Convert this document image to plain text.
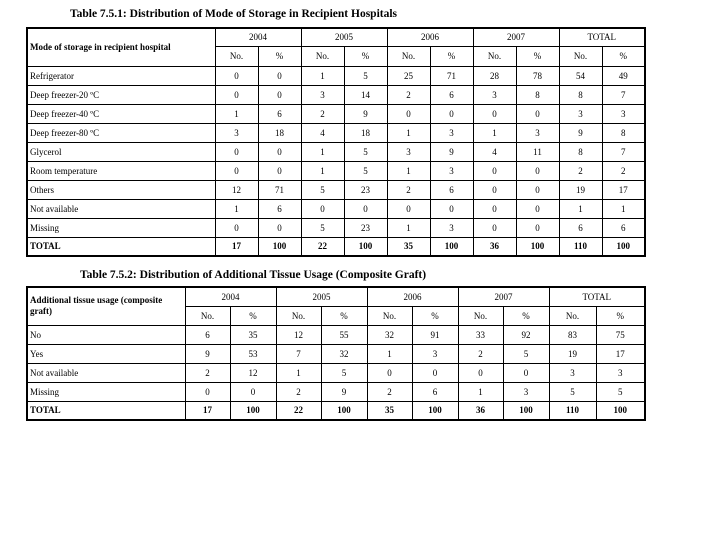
Table 7.5.1: Distribution of Mode of Storage in Recipient Hospitals
Mode of storage in recipient hospital	2004		2005		2006		2007		TOTAL	
	No.	%	No.	%	No.	%	No.	%	No.	%
Refrigerator	0	0	1	5	25	71	28	78	54	49
Deep freezer-20 ºC	0	0	3	14	2	6	3	8	8	7
Deep freezer-40 ºC	1	6	2	9	0	0	0	0	3	3
Deep freezer-80 ºC	3	18	4	18	1	3	1	3	9	8
Glycerol	0	0	1	5	3	9	4	11	8	7
Room temperature	0	0	1	5	1	3	0	0	2	2
Others	12	71	5	23	2	6	0	0	19	17
Not available	1	6	0	0	0	0	0	0	1	1
Missing	0	0	5	23	1	3	0	0	6	6
TOTAL	17	100	22	100	35	100	36	100	110	100
Table 7.5.2: Distribution of Additional Tissue Usage (Composite Graft)
Additional tissue usage (composite graft)	2004		2005		2006		2007		TOTAL	
	No.	%	No.	%	No.	%	No.	%	No.	%
No	6	35	12	55	32	91	33	92	83	75
Yes	9	53	7	32	1	3	2	5	19	17
Not available	2	12	1	5	0	0	0	0	3	3
Missing	0	0	2	9	2	6	1	3	5	5
TOTAL	17	100	22	100	35	100	36	100	110	100
